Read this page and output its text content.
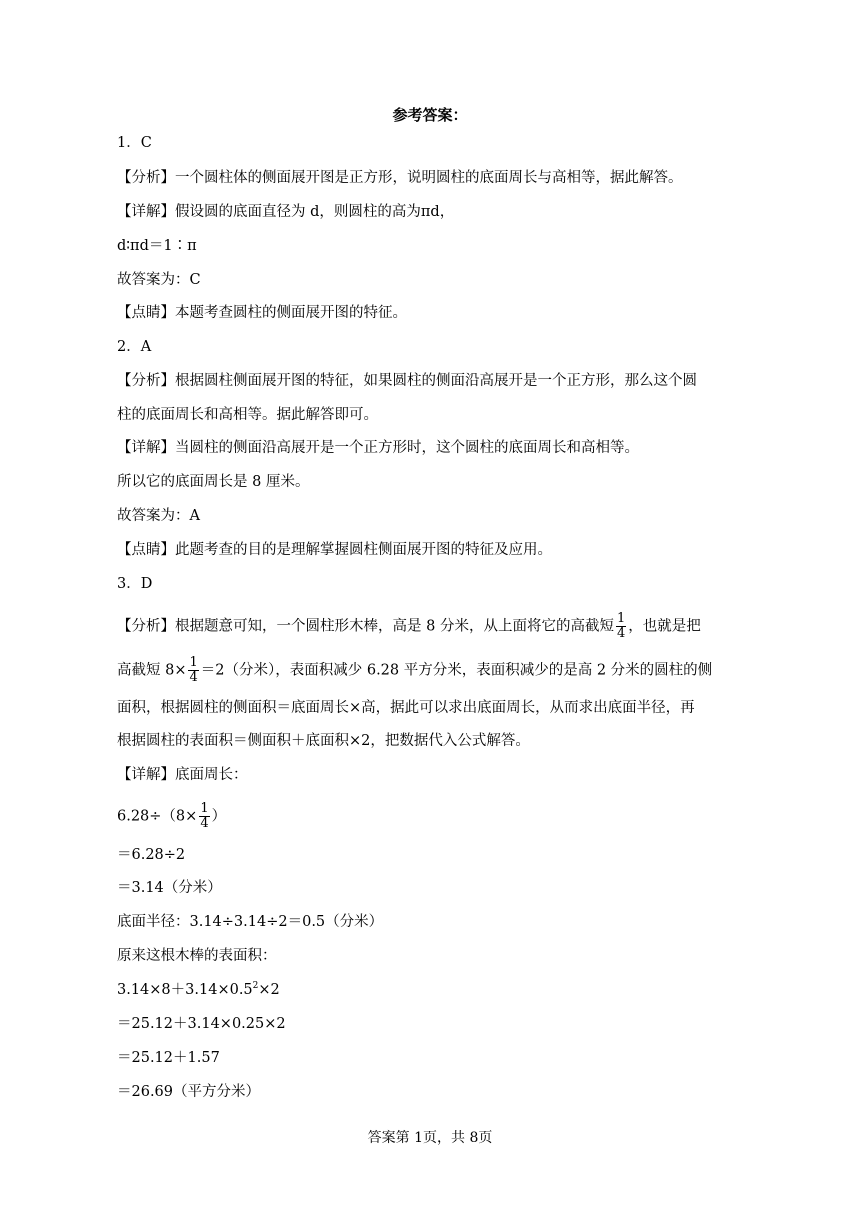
参考答案：
1．C
【分析】一个圆柱体的侧面展开图是正方形，说明圆柱的底面周长与高相等，据此解答。
【详解】假设圆的底面直径为 d，则圆柱的高为πd，
d∶πd＝1∶π
故答案为：C
【点睛】本题考查圆柱的侧面展开图的特征。
2．A
【分析】根据圆柱侧面展开图的特征，如果圆柱的侧面沿高展开是一个正方形，那么这个圆
柱的底面周长和高相等。据此解答即可。
【详解】当圆柱的侧面沿高展开是一个正方形时，这个圆柱的底面周长和高相等。
所以它的底面周长是 8 厘米。
故答案为：A
【点睛】此题考查的目的是理解掌握圆柱侧面展开图的特征及应用。
3．D
【分析】根据题意可知，一个圆柱形木棒，高是 8 分米，从上面将它的高截短 $\frac{1}{4}$ ，也就是把
高截短 $8\times \frac{1}{4} =2$（分米），表面积减少 6.28 平方分米，表面积减少的是高 2 分米的圆柱的侧
面积，根据圆柱的侧面积＝底面周长×高，据此可以求出底面周长，从而求出底面半径，再
根据圆柱的表面积＝侧面积＋底面积×2，把数据代入公式解答。
【详解】底面周长：
$6.28\div(8\times \frac{1}{4}$ ）
＝6.28÷2
＝3.14（分米）
底面半径：3.14÷3.14÷2＝0.5（分米）
原来这根木棒的表面积：
$3.14\times 8+3.14\times 0.5^2\times 2$
＝25.12＋3.14×0.25×2
＝25.12＋1.57
＝26.69（平方分米）
答案第 1页，共 8页
